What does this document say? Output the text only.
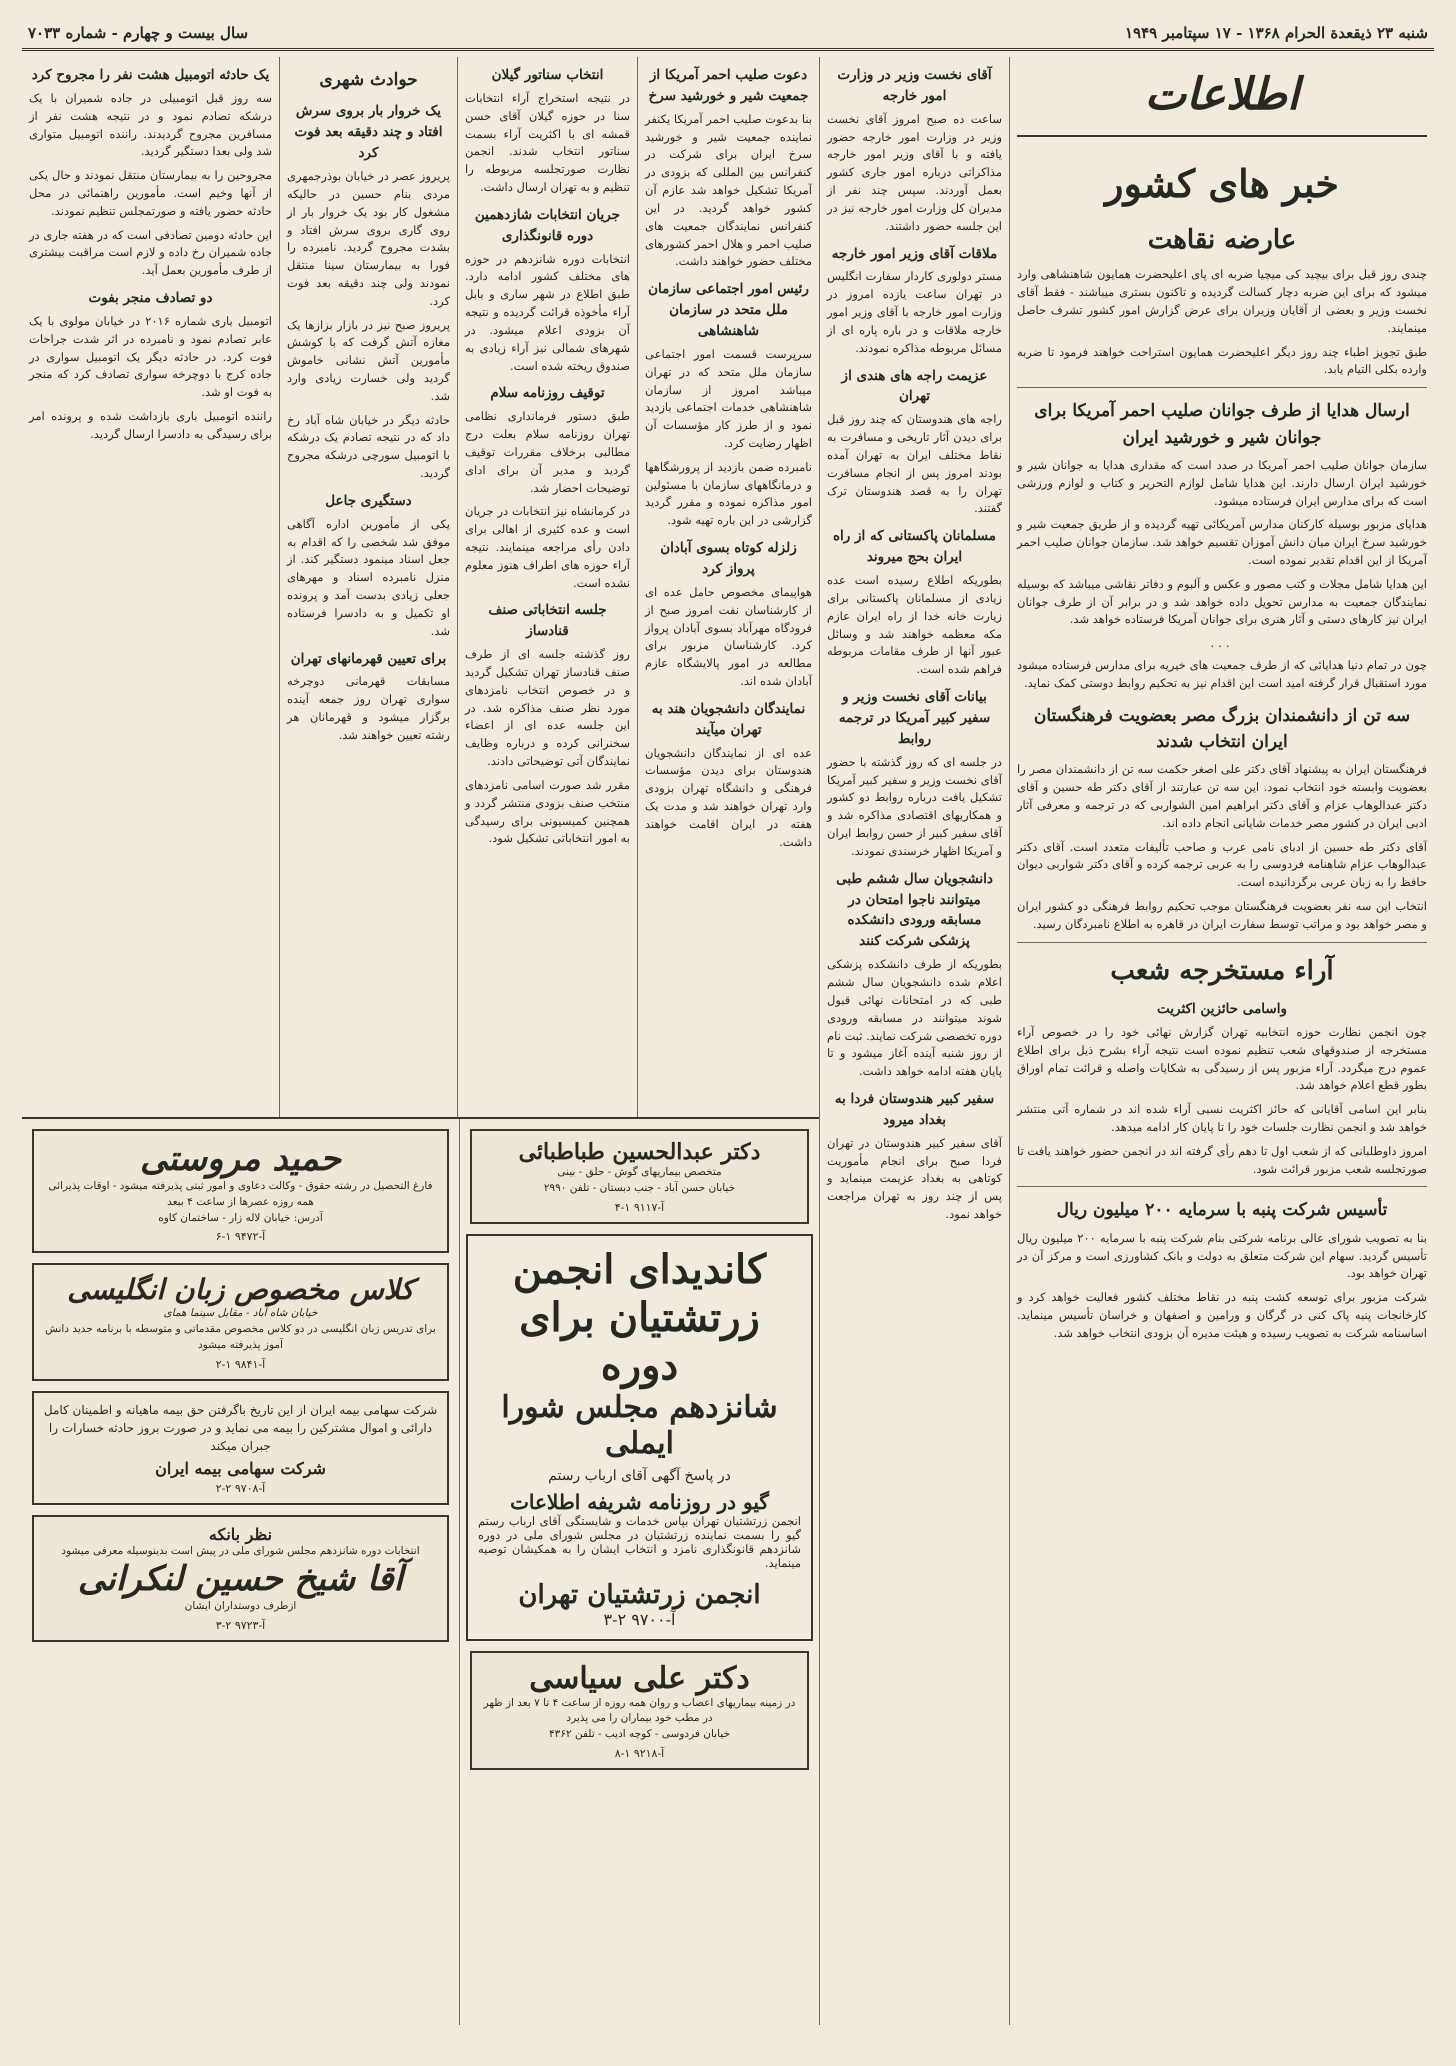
شنبه ۲۳ ذیقعدة الحرام ۱۳۶۸ - ۱۷ سپتامبر ۱۹۴۹
سال بیست و چهارم - شماره ۷۰۳۳
اطلاعات
خبر های کشور
عارضه نقاهت

چندی روز قبل برای بیچید کی ميچیا ضربه ای پای اعلیحضرت همایون شاهنشاهی وارد میشود که برای این ضربه دچار کسالت گردیده و تاکنون بستری میباشند - فقط آقای نخست وزیر و بعضی از آقایان وزیران برای عرض گزارش امور کشور تشرف حاصل مینمایند.

طبق تجویز اطباء چند روز دیگر اعلیحضرت همایون استراحت خواهند فرمود تا ضربه وارده بکلی التیام یابد.

ارسال هدایا از طرف جوانان صلیب احمر آمریکا برای جوانان شیر و خورشید ایران

سازمان جوانان صلیب احمر آمریکا در صدد است که مقداری هدایا به جوانان شیر و خورشید ایران ارسال دارند. این هدایا شامل لوازم التحریر و کتاب و لوازم ورزشی است که برای مدارس ایران فرستاده میشود.

هدایای مزبور بوسیله کارکنان مدارس آمریکائی تهیه گردیده و از طریق جمعیت شیر و خورشید سرخ ایران میان دانش آموزان تقسیم خواهد شد. سازمان جوانان صلیب احمر آمریکا از این اقدام تقدیر نموده است.

این هدایا شامل مجلات و کتب مصور و عکس و آلبوم و دفاتر نقاشی میباشد که بوسیله نمایندگان جمعیت به مدارس تحویل داده خواهد شد و در برابر آن از طرف جوانان ایران نیز کارهای دستی و آثار هنری برای جوانان آمریکا فرستاده خواهد شد.

...

چون در تمام دنیا هدایائی که از طرف جمعیت های خیریه برای مدارس فرستاده میشود مورد استقبال قرار گرفته امید است این اقدام نیز به تحکیم روابط دوستی کمک نماید.

سه تن از دانشمندان بزرگ مصر بعضویت فرهنگستان ایران انتخاب شدند

فرهنگستان ایران به پیشنهاد آقای دکتر علی اصغر حکمت سه تن از دانشمندان مصر را بعضویت وابسته خود انتخاب نمود. این سه تن عبارتند از آقای دکتر طه حسین و آقای دکتر عبدالوهاب عزام و آقای دکتر ابراهیم امین الشواربی که در ترجمه و معرفی آثار ادبی ایران در کشور مصر خدمات شایانی انجام داده اند.

آقای دکتر طه حسین از ادبای نامی عرب و صاحب تألیفات متعدد است. آقای دکتر عبدالوهاب عزام شاهنامه فردوسی را به عربی ترجمه کرده و آقای دکتر شواربی دیوان حافظ را به زبان عربی برگردانیده است.

انتخاب این سه نفر بعضویت فرهنگستان موجب تحکیم روابط فرهنگی دو کشور ایران و مصر خواهد بود و مراتب توسط سفارت ایران در قاهره به اطلاع نامبردگان رسید.

آراء مستخرجه شعب
واسامی حائزین اکثریت

چون انجمن نظارت حوزه انتخابیه تهران گزارش نهائی خود را در خصوص آراء مستخرجه از صندوقهای شعب تنظیم نموده است نتیجه آراء بشرح ذیل برای اطلاع عموم درج میگردد. آراء مزبور پس از رسیدگی به شکایات واصله و قرائت تمام اوراق بطور قطع اعلام خواهد شد.

بنابر این اسامی آقایانی که حائز اکثریت نسبی آراء شده اند در شماره آتی منتشر خواهد شد و انجمن نظارت جلسات خود را تا پایان کار ادامه میدهد.

امروز داوطلبانی که از شعب اول تا دهم رأی گرفته اند در انجمن حضور خواهند یافت تا صورتجلسه شعب مزبور قرائت شود.

تأسیس شرکت پنبه با سرمایه ۲۰۰ میلیون ریال

بنا به تصویب شورای عالی برنامه شرکتی بنام شرکت پنبه با سرمایه ۲۰۰ میلیون ریال تأسیس گردید. سهام این شرکت متعلق به دولت و بانک کشاورزی است و مرکز آن در تهران خواهد بود.

شرکت مزبور برای توسعه کشت پنبه در نقاط مختلف کشور فعالیت خواهد کرد و کارخانجات پنبه پاک کنی در گرگان و ورامین و اصفهان و خراسان تأسیس مینماید. اساسنامه شرکت به تصویب رسیده و هیئت مدیره آن بزودی انتخاب خواهد شد.

آقای نخست وزیر در وزارت امور خارجه

ساعت ده صبح امروز آقای نخست وزیر در وزارت امور خارجه حضور یافته و با آقای وزیر امور خارجه مذاکراتی درباره امور جاری کشور بعمل آوردند. سپس چند نفر از مدیران کل وزارت امور خارجه نیز در این جلسه حضور داشتند.

ملاقات آقای وزیر امور خارجه

مستر دولوری کاردار سفارت انگلیس در تهران ساعت یازده امروز در وزارت امور خارجه با آقای وزیر امور خارجه ملاقات و در باره پاره ای از مسائل مربوطه مذاکره نمودند.

عزیمت راجه های هندی از تهران

راجه های هندوستان که چند روز قبل برای دیدن آثار تاریخی و مسافرت به نقاط مختلف ایران به تهران آمده بودند امروز پس از انجام مسافرت تهران را به قصد هندوستان ترک گفتند.

مسلمانان پاکستانی که از راه ایران بحج میروند

بطوریکه اطلاع رسیده است عده زیادی از مسلمانان پاکستانی برای زیارت خانه خدا از راه ایران عازم مکه معظمه خواهند شد و وسائل عبور آنها از طرف مقامات مربوطه فراهم شده است.

بیانات آقای نخست وزیر و سفیر کبیر آمریکا در ترجمه روابط

در جلسه ای که روز گذشته با حضور آقای نخست وزیر و سفیر کبیر آمریکا تشکیل یافت درباره روابط دو کشور و همکاریهای اقتصادی مذاکره شد و آقای سفیر کبیر از حسن روابط ایران و آمریکا اظهار خرسندی نمودند.

دانشجویان سال ششم طبی میتوانند ناجوا امتحان در مسابقه ورودی دانشکده پزشکی شرکت کنند

بطوریکه از طرف دانشکده پزشکی اعلام شده دانشجویان سال ششم طبی که در امتحانات نهائی قبول شوند میتوانند در مسابقه ورودی دوره تخصصی شرکت نمایند. ثبت نام از روز شنبه آینده آغاز میشود و تا پایان هفته ادامه خواهد داشت.

سفیر کبیر هندوستان فردا به بغداد میرود

آقای سفیر کبیر هندوستان در تهران فردا صبح برای انجام مأموریت کوتاهی به بغداد عزیمت مینماید و پس از چند روز به تهران مراجعت خواهد نمود.

دعوت صلیب احمر آمریکا از جمعیت شیر و خورشید سرخ

بنا بدعوت صلیب احمر آمریکا یکنفر نماینده جمعیت شیر و خورشید سرخ ایران برای شرکت در کنفرانس بین المللی که بزودی در آمریکا تشکیل خواهد شد عازم آن کشور خواهد گردید. در این کنفرانس نمایندگان جمعیت های صلیب احمر و هلال احمر کشورهای مختلف حضور خواهند داشت.

رئیس امور اجتماعی سازمان ملل متحد در سازمان شاهنشاهی

سرپرست قسمت امور اجتماعی سازمان ملل متحد که در تهران میباشد امروز از سازمان شاهنشاهی خدمات اجتماعی بازدید نمود و از طرز کار مؤسسات آن اظهار رضایت کرد.

نامبرده ضمن بازدید از پرورشگاهها و درمانگاههای سازمان با مسئولین امور مذاکره نموده و مقرر گردید گزارشی در این باره تهیه شود.

زلزله کوتاه بسوی آبادان پرواز کرد

هواپیمای مخصوص حامل عده ای از کارشناسان نفت امروز صبح از فرودگاه مهرآباد بسوی آبادان پرواز کرد. کارشناسان مزبور برای مطالعه در امور پالایشگاه عازم آبادان شده اند.

نمایندگان دانشجویان هند به تهران میآیند

عده ای از نمایندگان دانشجویان هندوستان برای دیدن مؤسسات فرهنگی و دانشگاه تهران بزودی وارد تهران خواهند شد و مدت یک هفته در ایران اقامت خواهند داشت.

انتخاب سناتور گیلان

در نتیجه استخراج آراء انتخابات سنا در حوزه گیلان آقای حسن قمشه ای با اکثریت آراء بسمت سناتور انتخاب شدند. انجمن نظارت صورتجلسه مربوطه را تنظیم و به تهران ارسال داشت.

جریان انتخابات شازدهمین دوره قانونگذاری

انتخابات دوره شانزدهم در حوزه های مختلف کشور ادامه دارد. طبق اطلاع در شهر ساری و بابل آراء مأخوذه قرائت گردیده و نتیجه آن بزودی اعلام میشود. در شهرهای شمالی نیز آراء زیادی به صندوق ریخته شده است.

توقیف روزنامه سلام

طبق دستور فرمانداری نظامی تهران روزنامه سلام بعلت درج مطالبی برخلاف مقررات توقیف گردید و مدیر آن برای ادای توضیحات احضار شد.

در کرمانشاه نیز انتخابات در جریان است و عده کثیری از اهالی برای دادن رأی مراجعه مینمایند. نتیجه آراء حوزه های اطراف هنوز معلوم نشده است.

جلسه انتخاباتی صنف قنادساز

روز گذشته جلسه ای از طرف صنف قنادساز تهران تشکیل گردید و در خصوص انتخاب نامزدهای مورد نظر صنف مذاکره شد. در این جلسه عده ای از اعضاء سخنرانی کرده و درباره وظایف نمایندگان آتی توضیحاتی دادند.

مقرر شد صورت اسامی نامزدهای منتخب صنف بزودی منتشر گردد و همچنین کمیسیونی برای رسیدگی به امور انتخاباتی تشکیل شود.

حوادث شهری
یک خروار بار بروی سرش افتاد و چند دقیقه بعد فوت کرد

پریروز عصر در خیابان بوذرجمهری مردی بنام حسین در حالیکه مشغول کار بود یک خروار بار از روی گاری بروی سرش افتاد و بشدت مجروح گردید. نامبرده را فورا به بیمارستان سینا منتقل نمودند ولی چند دقیقه بعد فوت کرد.

پریروز صبح نیز در بازار بزازها یک مغازه آتش گرفت که با کوشش مأمورین آتش نشانی خاموش گردید ولی خسارت زیادی وارد شد.

حادثه دیگر در خیابان شاه آباد رخ داد که در نتیجه تصادم یک درشکه با اتومبیل سورچی درشکه مجروح گردید.

دستگیری جاعل

یکی از مأمورین اداره آگاهی موفق شد شخصی را که اقدام به جعل اسناد مینمود دستگیر کند. از منزل نامبرده اسناد و مهرهای جعلی زیادی بدست آمد و پرونده او تکمیل و به دادسرا فرستاده شد.

برای تعیین قهرمانهای تهران

مسابقات قهرمانی دوچرخه سواری تهران روز جمعه آینده برگزار میشود و قهرمانان هر رشته تعیین خواهند شد.

یک حادثه اتومبیل هشت نفر را مجروح کرد

سه روز قبل اتومبیلی در جاده شمیران با یک درشکه تصادم نمود و در نتیجه هشت نفر از مسافرین مجروح گردیدند. راننده اتومبیل متواری شد ولی بعدا دستگیر گردید.

مجروحین را به بیمارستان منتقل نمودند و حال یکی از آنها وخیم است. مأمورین راهنمائی در محل حادثه حضور یافته و صورتمجلس تنظیم نمودند.

این حادثه دومین تصادفی است که در هفته جاری در جاده شمیران رخ داده و لازم است مراقبت بیشتری از طرف مأمورین بعمل آید.

دو تصادف منجر بفوت

اتومبیل باری شماره ۲۰۱۶ در خیابان مولوی با یک عابر تصادم نمود و نامبرده در اثر شدت جراحات فوت کرد. در حادثه دیگر یک اتومبیل سواری در جاده کرج با دوچرخه سواری تصادف کرد که منجر به فوت او شد.

راننده اتومبیل باری بازداشت شده و پرونده امر برای رسیدگی به دادسرا ارسال گردید.

دکتر عبدالحسین طباطبائی
متخصص بیماریهای گوش - حلق - بینی
خیابان حسن آباد - جنب دبستان - تلفن ۲۹۹۰
آ-۹۱۱۷ ۱-۴
کاندیدای انجمن
زرتشتیان برای دوره
شانزدهم مجلس شورا ایملی
در پاسخ آگهی آقای ارباب رستم
گیو در روزنامه شریفه اطلاعات
انجمن زرتشتیان تهران بپاس خدمات و شایستگی آقای ارباب رستم گیو را بسمت نماینده زرتشتیان در مجلس شورای ملی در دوره شانزدهم قانونگذاری نامزد و انتخاب ایشان را به همکیشان توصیه مینماید.
انجمن زرتشتیان تهران
آ-۹۷۰۰ ۲-۳
دکتر علی سیاسی
در زمینه بیماریهای اعصاب و روان همه روزه از ساعت ۴ تا ۷ بعد از ظهر در مطب خود بیماران را می پذیرد
خیابان فردوسی - کوچه ادیب - تلفن ۴۳۶۲
آ-۹۲۱۸ ۱-۸
حمید مروستی
فارغ التحصیل در رشته حقوق - وکالت دعاوی و امور ثبتی پذیرفته میشود - اوقات پذیرائی همه روزه عصرها از ساعت ۴ ببعد
آدرس: خیابان لاله زار - ساختمان کاوه
آ-۹۴۷۲ ۱-۶
کلاس مخصوص زبان انگلیسی
خیابان شاه آباد - مقابل سینما همای
برای تدریس زبان انگلیسی در دو کلاس مخصوص مقدماتی و متوسطه با برنامه جدید دانش آموز پذیرفته میشود
آ-۹۸۴۱ ۱-۲
شرکت سهامی بیمه ایران از این تاریخ باگرفتن حق بیمه ماهیانه و اطمینان کامل دارائی و اموال مشترکین را بیمه می نماید و در صورت بروز حادثه خسارات را جبران میکند
شرکت سهامی بیمه ایران
آ-۹۷۰۸ ۲-۲
نظر بانکه
انتخابات دوره شانزدهم مجلس شورای ملی در پیش است بدینوسیله معرفی میشود
آقا شیخ حسین لنکرانی
ازطرف دوستداران ایشان
آ-۹۷۲۳ ۲-۳
